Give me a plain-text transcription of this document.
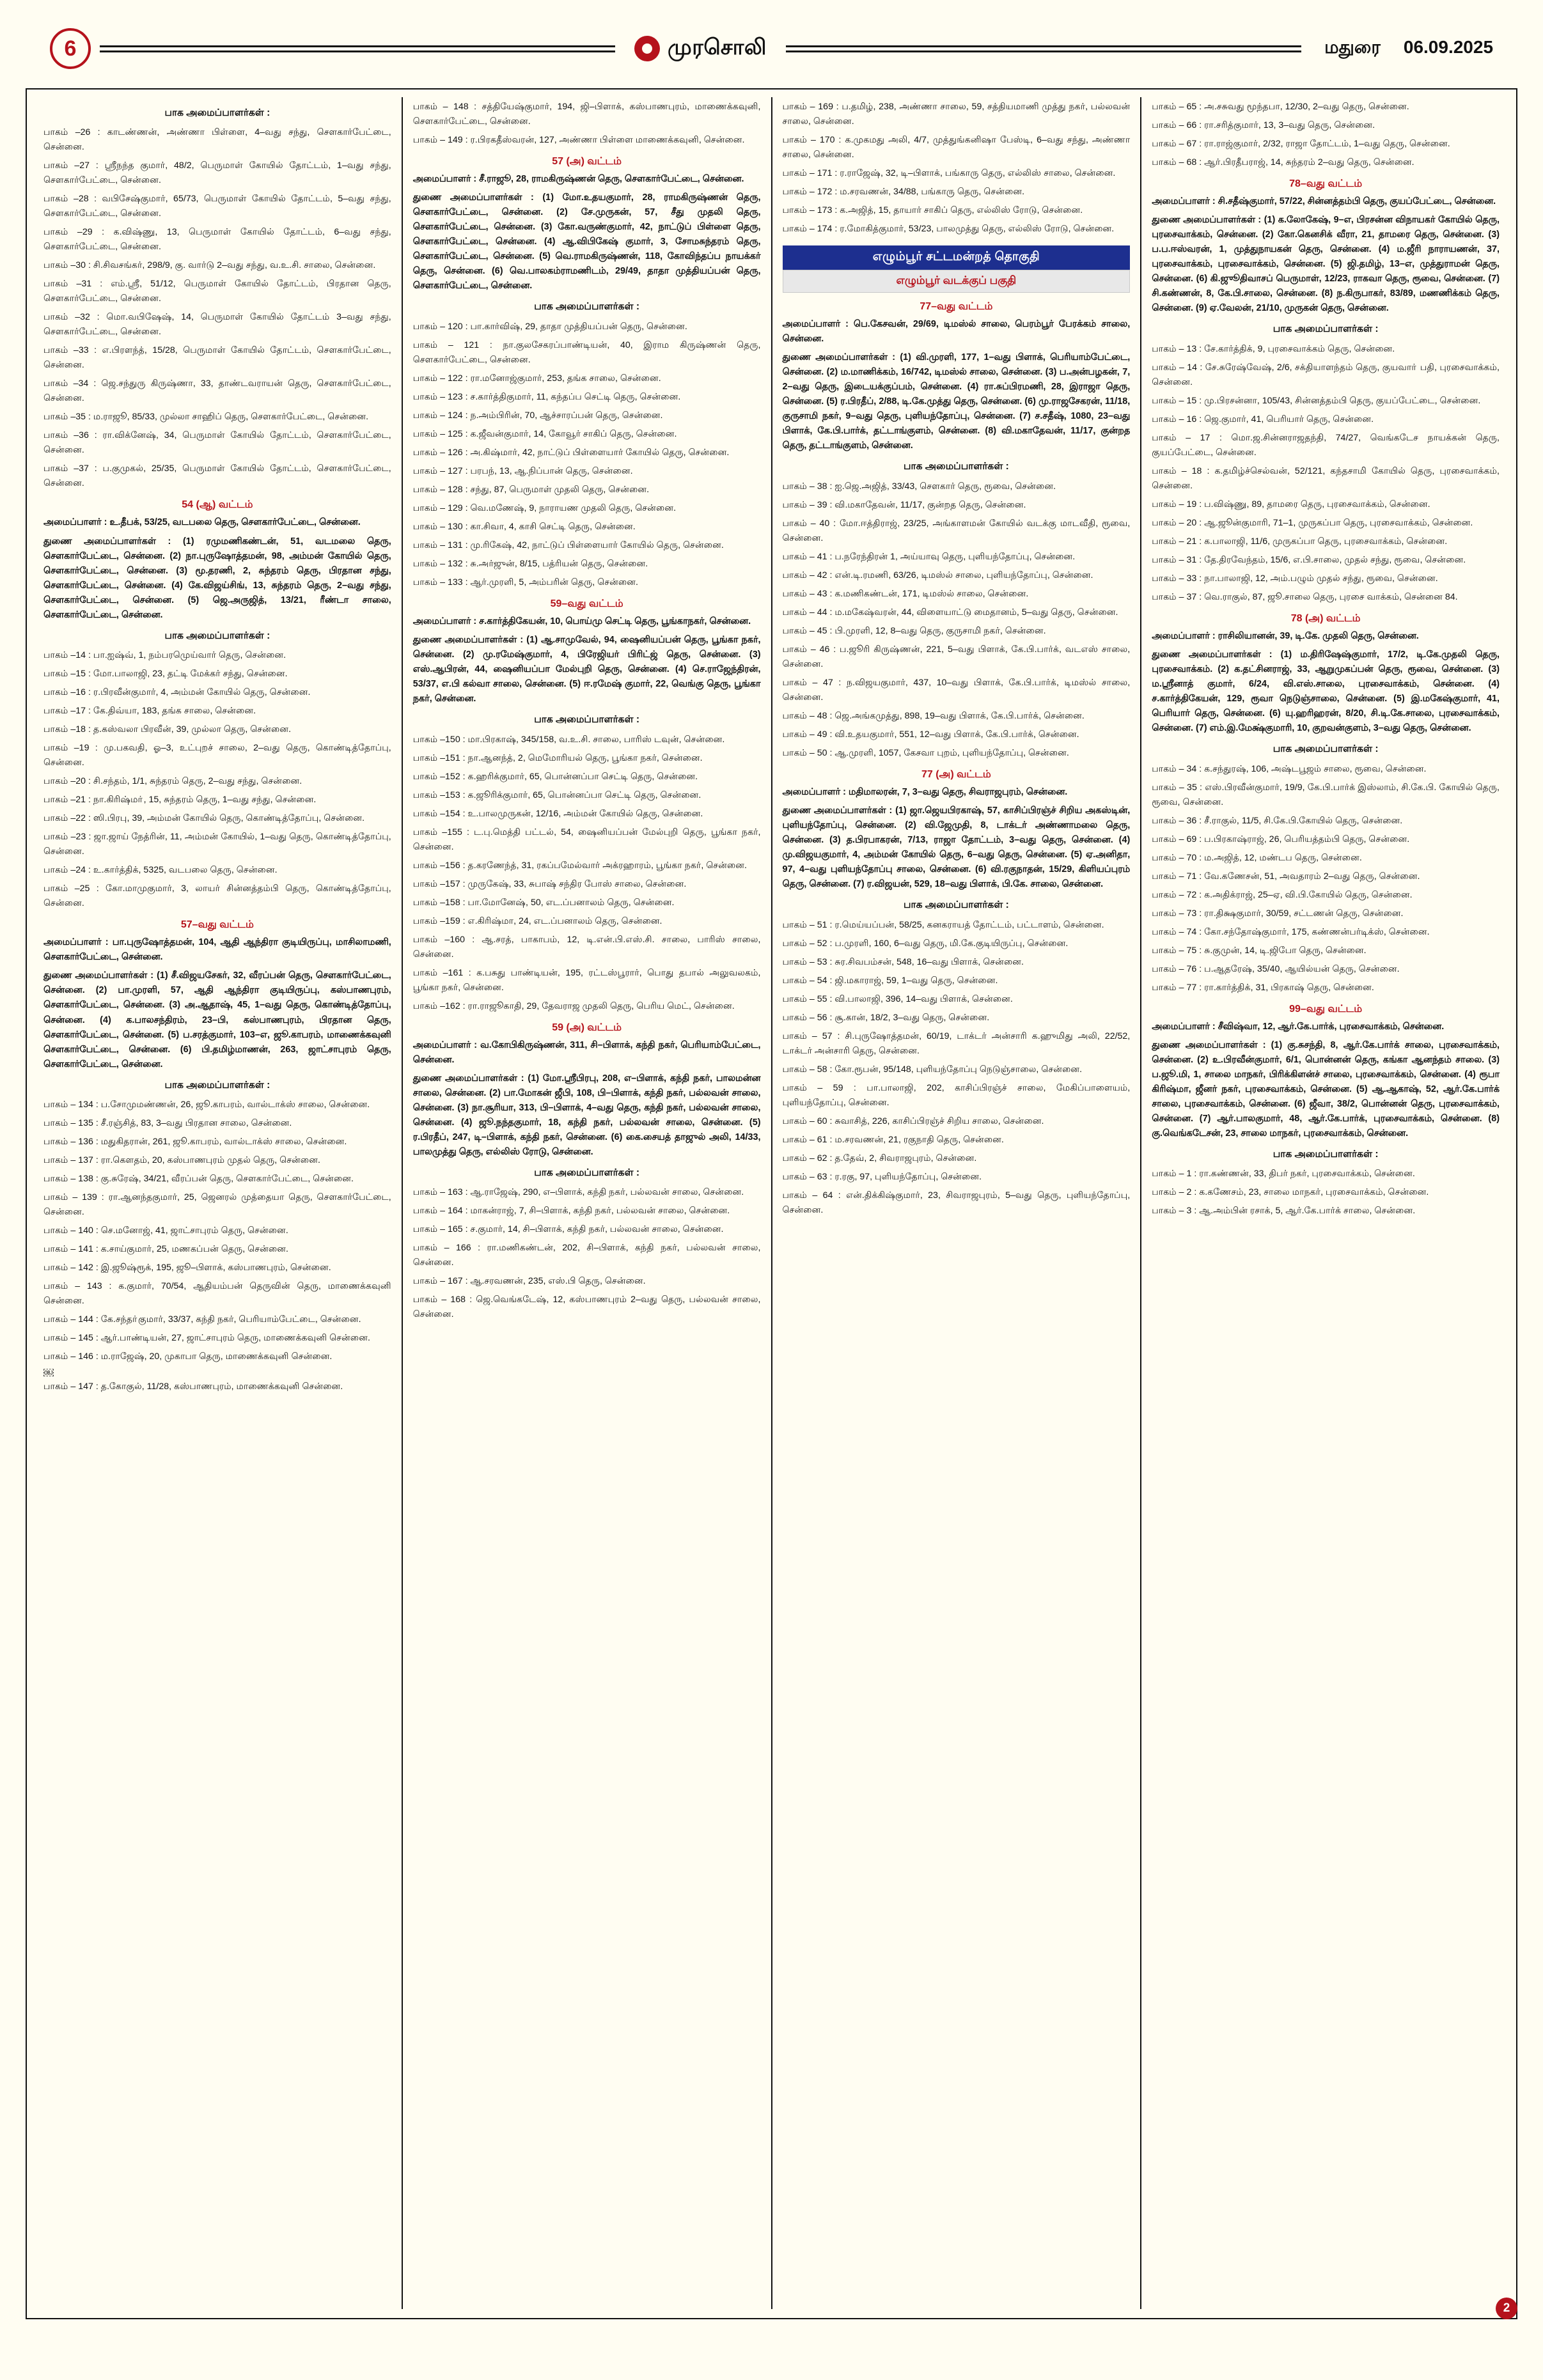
6	முரசொலி	மதுரை 06.09.2025
பாக அமைப்பாளர்கள் :
பாகம் –26 : காடண்ணன், அண்ணா பிள்ளை, 4–வது சந்து, சௌகார்பேட்டை, சென்னை.
பாகம் –27 : ஸ்ரீநந்த குமார், 48/2, பெருமாள் கோயில் தோட்டம், 1–வது சந்து, சௌகார்பேட்டை, சென்னை.
பாகம் –28 : வபிசேஷ்குமார், 65/73, பெருமாள் கோயில் தோட்டம், 5–வது சந்து, சௌகார்பேட்டை, சென்னை.
பாகம் –29 : க.விஷ்ணு, 13, பெருமாள் கோயில் தோட்டம், 6–வது சந்து, சௌகார்பேட்டை, சென்னை.
பாகம் –30 : சி.சிவசங்கர், 298/9, கு. வார்டு 2–வது சந்து, வ.உ.சி. சாலை, சென்னை.
பாகம் –31 : எம்.ஸ்ரீ, 51/12, பெருமாள் கோயில் தோட்டம், பிரதான தெரு, சௌகார்பேட்டை, சென்னை.
பாகம் –32 : மொ.வபிஷேஷ், 14, பெருமாள் கோயில் தோட்டம் 3–வது சந்து, சௌகார்பேட்டை, சென்னை.
பாகம் –33 : எ.பிரளந்த், 15/28, பெருமாள் கோயில் தோட்டம், சௌகார்பேட்டை, சென்னை.
பாகம் –34 : ஜெ.சந்துரு கிருஷ்ணா, 33, தாண்டவராயன் தெரு, சௌகார்பேட்டை, சென்னை.
பாகம் –35 : ம.ராஜூ, 85/33, முல்லா சாஹிப் தெரு, சௌகார்பேட்டை, சென்னை.
பாகம் –36 : ரா.விக்னேஷ், 34, பெருமாள் கோயில் தோட்டம், சௌகார்பேட்டை, சென்னை.
பாகம் –37 : ப.குமுகல், 25/35, பெருமாள் கோயில் தோட்டம், சௌகார்பேட்டை, சென்னை.
54 (ஆ) வட்டம்
அமைப்பாளர் : உ.தீபக், 53/25, வடபலை தெரு, சௌகார்பேட்டை, சென்னை.
துணை அமைப்பாளர்கள் : (1) ரமுமணிகண்டன், 51, வடமலை தெரு, சௌகார்பேட்டை, சென்னை. (2) நா.புருஷோத்தமன், 98, அம்மன் கோயில் தெரு, சௌகார்பேட்டை, சென்னை. (3) மூ.தரணி, 2, சுந்தரம் தெரு, பிரதான சந்து, சௌகார்பேட்டை, சென்னை. (4) கே.விஜய்சிங், 13, சுந்தரம் தெரு, 2–வது சந்து, சௌகார்பேட்டை, சென்னை. (5) ஜெ.அருஜித், 13/21, ரீண்டா சாலை, சௌகார்பேட்டை, சென்னை.
பாக அமைப்பாளர்கள் :
பாகம் –14 : பா.ஐஷ்வ், 1, நம்பரமுெய்வார் தெரு, சென்னை.
பாகம் –15 : மோ.பாலாஜி, 23, தட்டி மேக்கர் சந்து, சென்னை.
பாகம் –16 : ர.பிரவீன்குமார், 4, அம்மன் கோயில் தெரு, சென்னை.
பாகம் –17 : கே.திவ்யா, 183, தங்க சாலை, சென்னை.
பாகம் –18 : த.கஸ்வலா பிரவீன், 39, முல்லா தெரு, சென்னை.
பாகம் –19 : மு.பகவதி, ஓ–3, உட்புறச் சாலை, 2–வது தெரு, கொண்டித்தோப்பு, சென்னை.
பாகம் –20 : சி.சந்தம், 1/1, சுந்தரம் தெரு, 2–வது சந்து, சென்னை.
பாகம் –21 : நா.கிரிஷ்மா், 15, சுந்தரம் தெரு, 1–வது சந்து, சென்னை.
பாகம் –22 : ஸி.பிரபு, 39, அம்மன் கோயில் தெரு, கொண்டித்தோப்பு, சென்னை.
பாகம் –23 : ஜா.ஜாய் நேத்ரின், 11, அம்மன் கோயில், 1–வது தெரு, கொண்டித்தோப்பு, சென்னை.
பாகம் –24 : உ.கார்த்திக், 5325, வடபலை தெரு, சென்னை.
பாகம் –25 : கோ.மாமுகுமார், 3, லாயர் சின்னத்தம்பி தெரு, கொண்டித்தோப்பு, சென்னை.
57–வது வட்டம்
அமைப்பாளர் : பா.புருஷோத்தமன், 104, ஆதி ஆந்திரா குடியிருப்பு, மாசிலாமணி, சௌகார்பேட்டை, சென்னை.
துணை அமைப்பாளர்கள் : (1) சீ.விஜயசேகர், 32, வீரப்பன் தெரு, சௌகார்பேட்டை, சென்னை. (2) பா.முரளி, 57, ஆதி ஆந்திரா குடியிருப்பு, கஸ்பாணபுரம், சௌகார்பேட்டை, சென்னை. (3) அ.ஆதாஷ், 45, 1–வது தெரு, கொண்டித்தோப்பு, சென்னை. (4) க.பாலசந்திரம், 23–பி, கஸ்பாணபுரம், பிரதான தெரு, சௌகார்பேட்டை, சென்னை. (5) ப.சரத்குமார், 103–எ, ஜூ.காபரம், மாணைக்கவுனி சௌகார்பேட்டை, சென்னை. (6) பி.தமிழ்மாணன், 263, ஜாட்சாபுரம் தெரு, சௌகார்பேட்டை, சென்னை.
பாக அமைப்பாளர்கள் :
பாகம் – 134 : ப.சோமுமண்ணன், 26, ஜூ.காபரம், வால்டாக்ஸ் சாலை, சென்னை.
பாகம் – 135 : சீ.ரஞ்சித், 83, 3–வது பிரதான சாலை, சென்னை.
பாகம் – 136 : மதுகிதரான், 261, ஜூ.காபரம், வால்டாக்ஸ் சாலை, சென்னை.
பாகம் – 137 : ரா.கௌதம், 20, கஸ்பாணபுரம் முதல் தெரு, சென்னை.
பாகம் – 138 : கு.சுரேஷ், 34/21, வீரப்பன் தெரு, சௌகார்பேட்டை, சென்னை.
பாகம் – 139 : ரா.ஆனந்தகுமார், 25, ஜெனரல் முத்தையா தெரு, சௌகார்பேட்டை, சென்னை.
பாகம் – 140 : செ.மனோஜ், 41, ஜாட்சாபுரம் தெரு, சென்னை.
பாகம் – 141 : க.சாய்குமார், 25, மணகப்பன் தெரு, சென்னை.
பாகம் – 142 : இ.ஜூஷ்ரூக், 195, ஜூ–பிளாக், கஸ்பாணபுரம், சென்னை.
பாகம் – 143 : க.குமார், 70/54, ஆதியம்பன் தெருவின் தெரு, மாணைக்கவுனி சென்னை.
பாகம் – 144 : கே.சந்தா்குமார், 33/37, கந்தி நகர், பெரியாம்பேட்டை, சென்னை.
பாகம் – 145 : ஆர்.பாண்டியன், 27, ஜாட்சாபுரம் தெரு, மாணைக்கவுனி சென்னை.
பாகம் – 146 : ம.ராஜேஷ், 20, முகாபா தெரு, மாணைக்கவுனி சென்னை.
￼
பாகம் – 147 : த.கோகுல், 11/28, கஸ்பாணபுரம், மாணைக்கவுனி சென்னை.
பாகம் – 148 : சத்தியேஷ்குமார், 194, ஜி–பிளாக், கஸ்பாணபுரம், மாணைக்கவுனி, சௌகார்பேட்டை, சென்னை.
பாகம் – 149 : ர.பிரகதீஸ்வரன், 127, அண்ணா பிள்ளை மாணைக்கவுனி, சென்னை.
57 (அ) வட்டம்
அமைப்பாளர் : சீ.ராஜூ, 28, ராமகிருஷ்ணன் தெரு, சௌகார்பேட்டை, சென்னை.
துணை அமைப்பாளர்கள் : (1) மோ.உதயகுமார், 28, ராமகிருஷ்ணன் தெரு, சௌகார்பேட்டை, சென்னை. (2) சே.முருகன், 57, சீது முதலி தெரு, சௌகார்பேட்டை, சென்னை. (3) கோ.வருண்குமார், 42, நாட்டுப் பிள்ளை தெரு, சௌகார்பேட்டை, சென்னை. (4) ஆ.விபிகேஷ் குமார், 3, சோமசுந்தரம் தெரு, சௌகார்பேட்டை, சென்னை. (5) வெ.ராமகிருஷ்ணன், 118, கோவிந்தப்ப நாயக்கர் தெரு, சென்னை. (6) வெ.பாலகம்ராமணிடம், 29/49, தாதா முத்தியப்பன் தெரு, சௌகார்பேட்டை, சென்னை.
பாக அமைப்பாளர்கள் :
பாகம் – 120 : பா.கார்விஷ், 29, தாதா முத்தியப்பன் தெரு, சென்னை.
பாகம் – 121 : நா.குலசேகரப்பாண்டியன், 40, இராம கிருஷ்ணன் தெரு, சௌகார்பேட்டை, சென்னை.
பாகம் – 122 : ரா.மனோஜ்குமார், 253, தங்க சாலை, சென்னை.
பாகம் – 123 : ச.கார்த்திகுமார், 11, கந்தப்ப செட்டி தெரு, சென்னை.
பாகம் – 124 : ந.அம்பிரின், 70, ஆச்சாரப்பன் தெரு, சென்னை.
பாகம் – 125 : க.ஜீவன்குமார், 14, கோவூர் சாகிப் தெரு, சென்னை.
பாகம் – 126 : அ.கிஷ்மார், 42, நாட்டுப் பிள்ளையார் கோயில் தெரு, சென்னை.
பாகம் – 127 : பரபந், 13, ஆ.நிப்பான் தெரு, சென்னை.
பாகம் – 128 : சந்து, 87, பெருமாள் முதலி தெரு, சென்னை.
பாகம் – 129 : வெ.மணேஷ், 9, நாராயண முதலி தெரு, சென்னை.
பாகம் – 130 : கா.சிவா, 4, காசி செட்டி தெரு, சென்னை.
பாகம் – 131 : மு.ரிகேஷ், 42, நாட்டுப் பிள்ளையார் கோயில் தெரு, சென்னை.
பாகம் – 132 : சு.அர்ஜுன், 8/15, பத்ரியன் தெரு, சென்னை.
பாகம் – 133 : ஆர்.முரளி, 5, அம்பரின் தெரு, சென்னை.
59–வது வட்டம்
அமைப்பாளர் : ச.கார்த்திகேயன், 10, பொய்மு செட்டி தெரு, பூங்காநகர், சென்னை.
துணை அமைப்பாளர்கள் : (1) ஆ.சாமுவேல், 94, ஷைனியப்பன் தெரு, பூங்கா நகர், சென்னை. (2) மு.ரமேஷ்குமார், 4, பிரேஜியர் பிரிட்ஜ் தெரு, சென்னை. (3) எஸ்.ஆபிரன், 44, ஷைனியப்பா மேல்புறி தெரு, சென்னை. (4) செ.ராஜேந்திரன், 53/37, எ.பி கல்வா சாலை, சென்னை. (5) ஈ.ரமேஷ் குமார், 22, வெங்கு தெரு, பூங்கா நகர், சென்னை.
பாக அமைப்பாளர்கள் :
பாகம் –150 : மா.பிரகாஷ், 345/158, வ.உ.சி. சாலை, பாரிஸ் டவுன், சென்னை.
பாகம் –151 : நா.ஆனந்த், 2, மெமோரியல் தெரு, பூங்கா நகர், சென்னை.
பாகம் –152 : க.ஹரிக்குமார், 65, பொன்னப்பா செட்டி தெரு, சென்னை.
பாகம் –153 : க.ஜூரிக்குமார், 65, பொன்னப்பா செட்டி தெரு, சென்னை.
பாகம் –154 : உ.பாலமுருகன், 12/16, அம்மன் கோயில் தெரு, சென்னை.
பாகம் –155 : ட.பு.மெத்தி பட்டல், 54, ஷைனியப்பன் மேல்புறி தெரு, பூங்கா நகர், சென்னை.
பாகம் –156 : த.கரணேந்த், 31, ரகப்பமேல்வார் அக்ரஹாரம், பூங்கா நகர், சென்னை.
பாகம் –157 : முருகேஷ், 33, சுபாஷ் சந்திர போஸ் சாலை, சென்னை.
பாகம் –158 : பா.மோனேஷ், 50, எட.ப்பனாலம் தெரு, சென்னை.
பாகம் –159 : எ.கிரிஷ்மா, 24, எட.ப்பனாலம் தெரு, சென்னை.
பாகம் –160 : ஆ.சரத், பாகாபம், 12, டி.என்.பி.எஸ்.சி. சாலை, பாரிஸ் சாலை, சென்னை.
பாகம் –161 : க.பசுது பாண்டியன், 195, ரட்டஸ்பூரார், பொது தபால் அலுவலகம், பூங்கா நகர், சென்னை.
பாகம் –162 : ரா.ராஜூகாதி, 29, தேவராஜ முதலி தெரு, பெரிய மெட், சென்னை.
59 (அ) வட்டம்
அமைப்பாளர் : வ.கோபிகிருஷ்ணன், 311, சி–பிளாக், கந்தி நகர், பெரியாம்பேட்டை, சென்னை.
துணை அமைப்பாளர்கள் : (1) மோ.ஸ்ரீபிரபு, 208, எ–பிளாக், கந்தி நகர், பாலமன்ன சாலை, சென்னை. (2) பா.மோகன் ஜீபி, 108, பி–பிளாக், கந்தி நகர், பல்லவன் சாலை, சென்னை. (3) நா.சூரியா, 313, பி–பிளாக், 4–வது தெரு, கந்தி நகர், பல்லவன் சாலை, சென்னை. (4) ஜூ.நந்தகுமார், 18, கந்தி நகர், பல்லவன் சாலை, சென்னை. (5) ர.பிரதீப், 247, டி–பிளாக், கந்தி நகர், சென்னை. (6) கை.சையத் தாஜுல் அலி, 14/33, பாலமுத்து தெரு, எல்லிஸ் ரோடு, சென்னை.
பாக அமைப்பாளர்கள் :
பாகம் – 163 : ஆ.ராஜேஷ், 290, எ–பிளாக், கந்தி நகர், பல்லவன் சாலை, சென்னை.
பாகம் – 164 : மாகன்ராஜ், 7, சி–பிளாக், கந்தி நகர், பல்லவன் சாலை, சென்னை.
பாகம் – 165 : ச.குமார், 14, சி–பிளாக், கந்தி நகர், பல்லவன் சாலை, சென்னை.
பாகம் – 166 : ரா.மணிகண்டன், 202, சி–பிளாக், கந்தி நகர், பல்லவன் சாலை, சென்னை.
பாகம் – 167 : ஆ.சரவணன், 235, எஸ்.பி தெரு, சென்னை.
பாகம் – 168 : ஜெ.வெங்கடேஷ், 12, கஸ்பாணபுரம் 2–வது தெரு, பல்லவன் சாலை, சென்னை.
பாகம் – 169 : ப.தமிழ், 238, அண்ணா சாலை, 59, சத்தியமாணி முத்து நகர், பல்லவன் சாலை, சென்னை.
பாகம் – 170 : க.முகமது அலி, 4/7, முத்துங்கனிஷா பேஸ்டி, 6–வது சந்து, அண்ணா சாலை, சென்னை.
பாகம் – 171 : ர.ராஜேஷ், 32, டி–பிளாக், பங்காரு தெரு, எல்லிஸ் சாலை, சென்னை.
பாகம் – 172 : ம.சரவணன், 34/88, பங்காரு தெரு, சென்னை.
பாகம் – 173 : க.அஜித், 15, தாயார் சாகிப் தெரு, எல்லிஸ் ரோடு, சென்னை.
பாகம் – 174 : ர.மோகித்குமார், 53/23, பாலமுத்து தெரு, எல்லிஸ் ரோடு, சென்னை.
எழும்பூர் சட்டமன்றத் தொகுதி
எழும்பூர் வடக்குப் பகுதி
77–வது வட்டம்
அமைப்பாளர் : பெ.கேசவன், 29/69, டிமஸ்ல் சாலை, பெரம்பூர் பேரக்கம் சாலை, சென்னை.
துணை அமைப்பாளர்கள் : (1) வி.முரளி, 177, 1–வது பிளாக், பெரியாம்பேட்டை, சென்னை. (2) ம.மாணிக்கம், 16/742, டிமஸ்ல் சாலை, சென்னை. (3) ப.அன்பழகன், 7, 2–வது தெரு, இடையக்குப்பம், சென்னை. (4) ரா.சுப்பிரமணி, 28, இராஜா தெரு, சென்னை. (5) ர.பிரதீப், 2/88, டி.கே.முத்து தெரு, சென்னை. (6) மு.ராஜசேகரன், 11/18, குருசாமி நகர், 9–வது தெரு, புளியந்தோப்பு, சென்னை. (7) ச.சதீஷ், 1080, 23–வது பிளாக், கே.பி.பார்க், தட்டாங்குளம், சென்னை. (8) வி.மகாதேவன், 11/17, குன்றத தெரு, தட்டாங்குளம், சென்னை.
பாக அமைப்பாளர்கள் :
பாகம் – 38 : ஐ.ஜெ.அஜித், 33/43, சௌகார் தெரு, ரூவை, சென்னை.
பாகம் – 39 : வி.மகாதேவன், 11/17, குன்றத தெரு, சென்னை.
பாகம் – 40 : மோ.ஈத்திராஜ், 23/25, அங்காளமன் கோயில் வடக்கு மாடவீதி, ரூவை, சென்னை.
பாகம் – 41 : ப.நரேந்திரன் 1, அய்யாவு தெரு, புளியந்தோப்பு, சென்னை.
பாகம் – 42 : என்.டி.ரமணி, 63/26, டிமஸ்ல் சாலை, புளியந்தோப்பு, சென்னை.
பாகம் – 43 : க.மணிகண்டன், 171, டிமஸ்ல் சாலை, சென்னை.
பாகம் – 44 : ம.மகேஷ்வரன், 44, விளையாட்டு மைதானம், 5–வது தெரு, சென்னை.
பாகம் – 45 : பி.முரளி, 12, 8–வது தெரு, குருசாமி நகர், சென்னை.
பாகம் – 46 : ப.ஜூரி கிருஷ்ணன், 221, 5–வது பிளாக், கே.பி.பார்க், வடஎஸ் சாலை, சென்னை.
பாகம் – 47 : ந.விஜயகுமார், 437, 10–வது பிளாக், கே.பி.பார்க், டிமஸ்ல் சாலை, சென்னை.
பாகம் – 48 : ஜெ.அங்கமுத்து, 898, 19–வது பிளாக், கே.பி.பார்க், சென்னை.
பாகம் – 49 : வி.உதயகுமார், 551, 12–வது பிளாக், கே.பி.பார்க், சென்னை.
பாகம் – 50 : ஆ.முரளி, 1057, கேசவா புறம், புளியந்தோப்பு, சென்னை.
77 (அ) வட்டம்
அமைப்பாளர் : மதிமாலரன், 7, 3–வது தெரு, சிவராஜபுரம், சென்னை.
துணை அமைப்பாளர்கள் : (1) ஜா.ஜெயபிரகாஷ், 57, காசிப்பிரஞ்ச் சிறிய அகஸ்டின், புளியந்தோப்பு, சென்னை. (2) வி.ஜேமுதி, 8, டாக்டர் அண்ணாமலை தெரு, சென்னை. (3) த.பிரபாகரன், 7/13, ராஜா தோட்டம், 3–வது தெரு, சென்னை. (4) மு.விஜயகுமார், 4, அம்மன் கோயில் தெரு, 6–வது தெரு, சென்னை. (5) ஏ.அனிதா, 97, 4–வது புளியந்தோப்பு சாலை, சென்னை. (6) வி.ரகுநாதன், 15/29, கிளியப்புரம் தெரு, சென்னை. (7) ர.விஜயன், 529, 18–வது பிளாக், பி.கே. சாலை, சென்னை.
பாக அமைப்பாளர்கள் :
பாகம் – 51 : ர.மெய்யப்பன், 58/25, கனகராயத் தோட்டம், பட்டாளம், சென்னை.
பாகம் – 52 : ப.முரளி, 160, 6–வது தெரு, மி.கே.குடியிருப்பு, சென்னை.
பாகம் – 53 : சுர.சிவபம்சன், 548, 16–வது பிளாக், சென்னை.
பாகம் – 54 : ஜி.மகாராஜ், 59, 1–வது தெரு, சென்னை.
பாகம் – 55 : வி.பாலாஜி, 396, 14–வது பிளாக், சென்னை.
பாகம் – 56 : சூ.கான், 18/2, 3–வது தெரு, சென்னை.
பாகம் – 57 : சி.புருஷோத்தமன், 60/19, டாக்டர் அன்சாரி க.ஹுமிது அலி, 22/52, டாக்டர் அன்சாரி தெரு, சென்னை.
பாகம் – 58 : கோ.ரூபன், 95/148, புளியந்தோப்பு நெடுஞ்சாலை, சென்னை.
பாகம் – 59 : பா.பாலாஜி, 202, காசிப்பிரஞ்ச் சாலை, மேகிப்பாளையம், புளியந்தோப்பு, சென்னை.
பாகம் – 60 : சுவாசித், 226, காசிப்பிரஞ்ச் சிறிய சாலை, சென்னை.
பாகம் – 61 : ம.சரவணன், 21, ரகுநாதி தெரு, சென்னை.
பாகம் – 62 : த.தேவ், 2, சிவராஜபுரம், சென்னை.
பாகம் – 63 : ர.ரகு, 97, புளியந்தோப்பு, சென்னை.
பாகம் – 64 : என்.திக்கிஷ்குமார், 23, சிவராஜபுரம், 5–வது தெரு, புளியந்தோப்பு, சென்னை.
பாகம் – 65 : அ.சசுவது மூந்தபா, 12/30, 2–வது தெரு, சென்னை.
பாகம் – 66 : ரா.சரித்குமார், 13, 3–வது தெரு, சென்னை.
பாகம் – 67 : ரா.ராஜ்குமார், 2/32, ராஜா தோட்டம், 1–வது தெரு, சென்னை.
பாகம் – 68 : ஆர்.பிரதீபராஜ், 14, சுந்தரம் 2–வது தெரு, சென்னை.
78–வது வட்டம்
அமைப்பாளர் : சி.சதீஷ்குமார், 57/22, சின்னத்தம்பி தெரு, குயப்பேட்டை, சென்னை.
துணை அமைப்பாளர்கள் : (1) க.லோகேஷ், 9–எ, பிரசன்ன விநாயகர் கோயில் தெரு, புரசைவாக்கம், சென்னை. (2) கோ.கெனசிக் வீரா, 21, தாமரை தெரு, சென்னை. (3) ப.ப.ஈஸ்வரன், 1, முத்துநாயகன் தெரு, சென்னை. (4) ம.ஜீரி நாராயணன், 37, புரசைவாக்கம், புரசைவாக்கம், சென்னை. (5) ஜி.தமிழ், 13–எ, முத்துராமன் தெரு, சென்னை. (6) கி.ஜுூதிவாசப் பெருமாள், 12/23, ராகவா தெரு, ரூவை, சென்னை. (7) சி.கண்ணன், 8, கே.பி.சாலை, சென்னை. (8) ந.கிருபாகர், 83/89, மணணிக்கம் தெரு, சென்னை. (9) ஏ.வேலன், 21/10, முருகன் தெரு, சென்னை.
பாக அமைப்பாளர்கள் :
பாகம் – 13 : சே.கார்த்திக், 9, புரசைவாக்கம் தெரு, சென்னை.
பாகம் – 14 : சே.சுரேஷ்வேஷ், 2/6, சக்தியாளந்தம் தெரு, குயவாா் பதி, புரசைவாக்கம், சென்னை.
பாகம் – 15 : மு.பிரசன்னா, 105/43, சின்னத்தம்பி தெரு, குயப்பேட்டை, சென்னை.
பாகம் – 16 : ஜெ.குமார், 41, பெரியார் தெரு, சென்னை.
பாகம் – 17 : மொ.ஜ.சின்னராஜதந்தி, 74/27, வெங்கடேச நாயக்கன் தெரு, குயப்பேட்டை, சென்னை.
பாகம் – 18 : க.தமிழ்ச்செல்வன், 52/121, கந்தசாமி கோயில் தெரு, புரசைவாக்கம், சென்னை.
பாகம் – 19 : ப.விஷ்ணு, 89, தாமரை தெரு, புரசைவாக்கம், சென்னை.
பாகம் – 20 : ஆ.ஜூன்குமாரி, 71–1, முருகப்பா தெரு, புரசைவாக்கம், சென்னை.
பாகம் – 21 : க.பாலாஜி, 11/6, முருகப்பா தெரு, புரசைவாக்கம், சென்னை.
பாகம் – 31 : தே.திரவேந்தம், 15/6, எ.பி.சாலை, முதல் சந்து, ரூவை, சென்னை.
பாகம் – 33 : நா.பாலாஜி, 12, அம்.பழும் முதல் சந்து, ரூவை, சென்னை.
பாகம் – 37 : வெ.ராகுல், 87, ஜூ.சாலை தெரு, புரசை வாக்கம், சென்னை 84.
78 (அ) வட்டம்
அமைப்பாளர் : ராசிலியானன், 39, டி.கே. முதலி தெரு, சென்னை.
துணை அமைப்பாளர்கள் : (1) ம.திரிஷேஷ்குமார், 17/2, டி.கே.முதலி தெரு, புரசைவாக்கம். (2) க.தட்சினராஜ், 33, ஆறுமுகப்பன் தெரு, ரூவை, சென்னை. (3) ம.ஸ்ரீனாத் குமார், 6/24, வி.எஸ்.சாலை, புரசைவாக்கம், சென்னை. (4) ச.கார்த்திகேயன், 129, ரூவா நெடுஞ்சாலை, சென்னை. (5) இ.மகேஷ்குமார், 41, பெரியார் தெரு, சென்னை. (6) யு.ஹரிஹரன், 8/20, சி.டி.கே.சாலை, புரசைவாக்கம், சென்னை. (7) எம்.இ.மேக்ஷ்குமாரி, 10, குறவன்குளம், 3–வது தெரு, சென்னை.
பாக அமைப்பாளர்கள் :
பாகம் – 34 : க.சந்துரஷ், 106, அஷ்டபூஜம் சாலை, ரூவை, சென்னை.
பாகம் – 35 : எஸ்.பிரவீன்குமார், 19/9, கே.பி.பார்க் இஸ்லாம், சி.கே.பி. கோயில் தெரு, ரூவை, சென்னை.
பாகம் – 36 : சீ.ராகுல், 11/5, சி.கே.பி.கோயில் தெரு, சென்னை.
பாகம் – 69 : ப.பிரகாஷ்ராஜ், 26, பெரியத்தம்பி தெரு, சென்னை.
பாகம் – 70 : ம.அஜித், 12, மண்டப தெரு, சென்னை.
பாகம் – 71 : வே.கணேசன், 51, அவதாரம் 2–வது தெரு, சென்னை.
பாகம் – 72 : க.அதிக்ராஜ், 25–ஏ, வி.பி.கோயில் தெரு, சென்னை.
பாகம் – 73 : ரா.திக்ஷகுமார், 30/59, சட்டணன் தெரு, சென்னை.
பாகம் – 74 : கோ.சந்தோஷ்குமார், 175, கண்ணன்பர்டிக்ஸ், சென்னை.
பாகம் – 75 : சு.குமுன், 14, டி.ஜிபோ தெரு, சென்னை.
பாகம் – 76 : ப.ஆதரேஷ், 35/40, ஆயில்யன் தெரு, சென்னை.
பாகம் – 77 : ரா.கார்த்திக், 31, பிரகாஷ் தெரு, சென்னை.
99–வது வட்டம்
அமைப்பாளர் : சீவிஷ்வா, 12, ஆர்.கே.பார்க், புரசைவாக்கம், சென்னை.
துணை அமைப்பாளர்கள் : (1) கு.சுசந்தி, 8, ஆர்.கே.பார்க் சாலை, புரசைவாக்கம், சென்னை. (2) உ.பிரவீன்குமார், 6/1, பொன்னன் தெரு, கங்கா ஆனந்தம் சாலை. (3) ப.ஜூ.மி, 1, சாலை மாநகர், பிரிக்கிளன்ச் சாலை, புரசைவாக்கம், சென்னை. (4) ரூபா கிரிஷ்மா, ஜீனர் நகர், புரசைவாக்கம், சென்னை. (5) ஆ.ஆகாஷ், 52, ஆர்.கே.பார்க் சாலை, புரசைவாக்கம், சென்னை. (6) ஜீவா, 38/2, பொன்னன் தெரு, புரசைவாக்கம், சென்னை. (7) ஆர்.பாலகுமார், 48, ஆர்.கே.பார்க், புரசைவாக்கம், சென்னை. (8) கு.வெங்கடேசன், 23, சாலை மாநகர், புரசைவாக்கம், சென்னை.
பாக அமைப்பாளர்கள் :
பாகம் – 1 : ரா.கண்ணன், 33, திபர் நகர், புரசைவாக்கம், சென்னை.
பாகம் – 2 : க.கணேசம், 23, சாலை மாநகர், புரசைவாக்கம், சென்னை.
பாகம் – 3 : ஆ.அம்பின் ரசாக், 5, ஆர்.கே.பார்க் சாலை, சென்னை.
2
